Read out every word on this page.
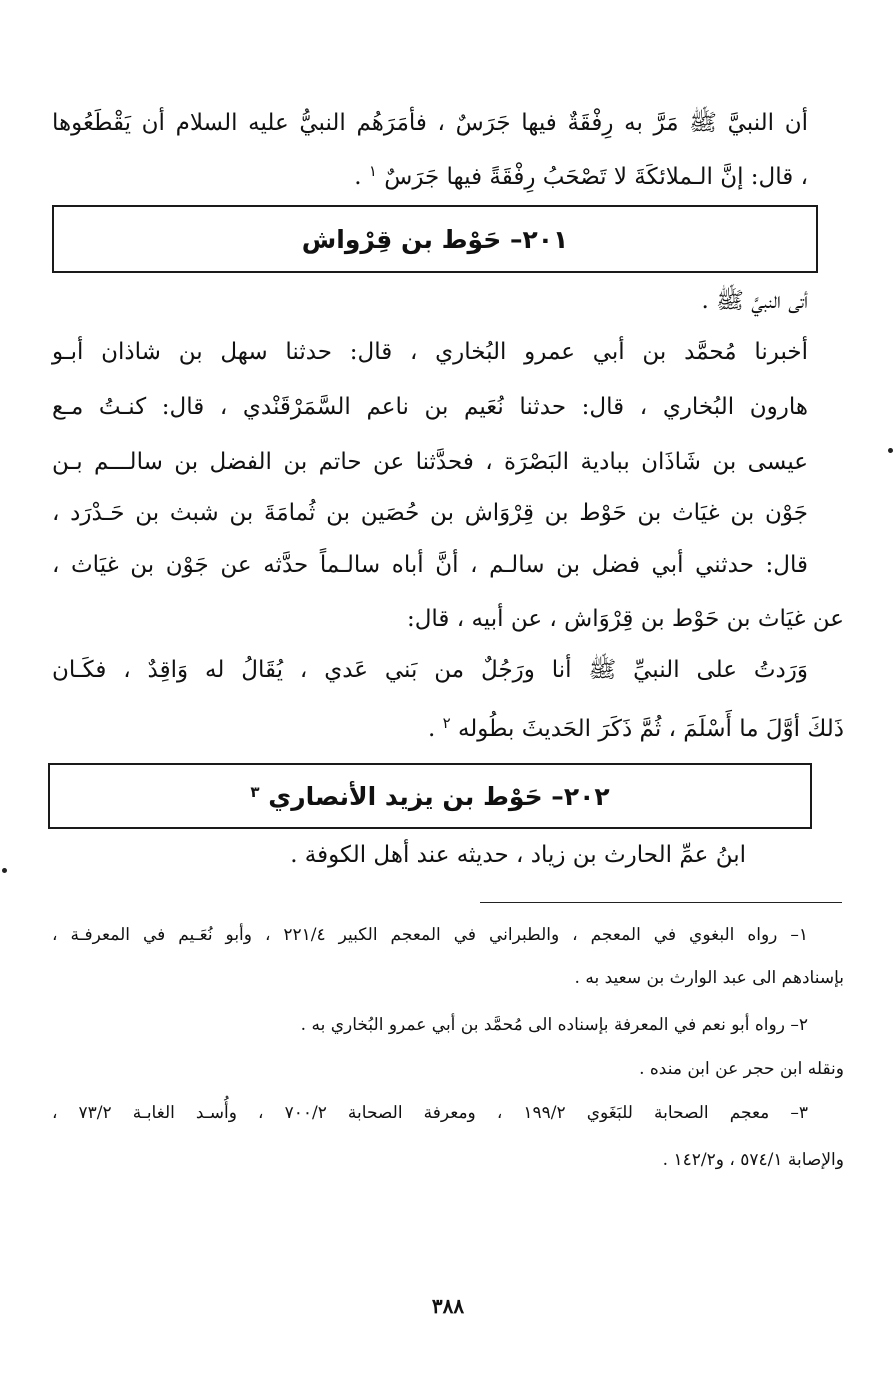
أن النبيَّ ﷺ مَرَّ به رِفْقَةٌ فيها جَرَسٌ ، فأمَرَهُم النبيُّ عليه السلام أن يَقْطَعُوها
، قال: إنَّ الـملائكَةَ لا تَصْحَبُ رِفْقَةً فيها جَرَسٌ $^١$ .
٢٠١– حَوْط بن قِرْواش
أتى النبيَّ ﷺ .
أخبرنا مُحمَّد بن أبي عمرو البُخاري ، قال: حدثنا سهل بن شاذان أبـو
هارون البُخاري ، قال: حدثنا نُعَيم بن ناعم السَّمَرْقَنْدي ، قال: كنـتُ مـع
عيسى بن شَاذَان ببادية البَصْرَة ، فحدَّثنا عن حاتم بن الفضل بن سالـــم بـن
جَوْن بن غيَاث بن حَوْط بن قِرْوَاش بن حُصَين بن ثُمامَةَ بن شبث بن حَـدْرَد ،
قال: حدثني أبي فضل بن سالـم ، أنَّ أباه سالـماً حدَّثه عن جَوْن بن غيَاث ،
عن غيَاث بن حَوْط بن قِرْوَاش ، عن أبيه ، قال:
وَرَدتُ على النبيِّ ﷺ أنا ورَجُلٌ من بَني عَدي ، يُقَالُ له وَاقِدٌ ، فكَـان
ذَلكَ أوَّلَ ما أَسْلَمَ ، ثُمَّ ذَكَرَ الحَديثَ بطُوله $^٢$ .
٢٠٢– حَوْط بن يزيد الأنصاري $^٣$
ابنُ عمِّ الحارث بن زياد ، حديثه عند أهل الكوفة .
١– رواه البغوي في المعجم ، والطبراني في المعجم الكبير ٢٢١/٤ ، وأبو نُعَـيم في المعرفـة ،
بإسنادهم الى عبد الوارث بن سعيد به .
٢– رواه أبو نعم في المعرفة بإسناده الى مُحمَّد بن أبي عمرو البُخاري به .
ونقله ابن حجر عن ابن منده .
٣– معجم الصحابة للبَغَوي ١٩٩/٢ ، ومعرفة الصحابة ٧٠٠/٢ ، وأُسـد الغابـة ٧٣/٢ ،
والإصابة ٥٧٤/١ ، و١٤٢/٢ .
٣٨٨
